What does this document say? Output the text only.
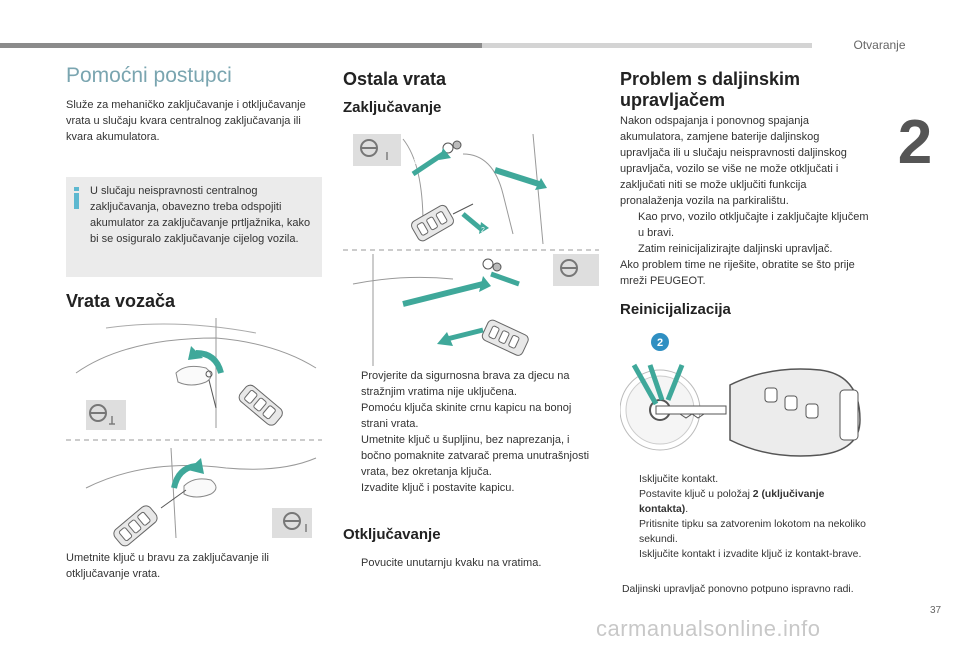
Otvaranje
2
37
carmanualsonline.info
Pomoćni postupci

Služe za mehaničko zaključavanje i otključavanje vrata u slučaju kvara centralnog zaključavanja ili kvara akumulatora.

U slučaju neispravnosti centralnog zaključavanja, obavezno treba odspojiti akumulator za zaključavanje prtljažnika, kako bi se osiguralo zaključavanje cijelog vozila.
Vrata vozača

Umetnite ključ u bravu za zaključavanje ili otključavanje vrata.

Ostala vrata
Zaključavanje
1
2
Provjerite da sigurnosna brava za djecu na stražnjim vratima nije uključena.
Pomoću ključa skinite crnu kapicu na bonoj strani vrata.
Umetnite ključ u šupljinu, bez naprezanja, i bočno pomaknite zatvarač prema unutrašnjosti vrata, bez okretanja ključa.
Izvadite ključ i postavite kapicu.
Otključavanje
Povucite unutarnju kvaku na vratima.
Problem s daljinskim upravljačem

Nakon odspajanja i ponovnog spajanja akumulatora, zamjene baterije daljinskog upravljača ili u slučaju neispravnosti daljinskog upravljača, vozilo se više ne može otključati i zaključati niti se može uključiti funkcija pronalaženja vozila na parkiralištu.

Kao prvo, vozilo otključajte i zaključajte ključem u bravi.
Zatim reinicijalizirajte daljinski upravljač.

Ako problem time ne riješite, obratite se što prije mreži PEUGEOT.

Reinicijalizacija
2
Isključite kontakt.
Postavite ključ u položaj 2 (uključivanje kontakta).
Pritisnite tipku sa zatvorenim lokotom na nekoliko sekundi.
Isključite kontakt i izvadite ključ iz kontakt-brave.

Daljinski upravljač ponovno potpuno ispravno radi.
